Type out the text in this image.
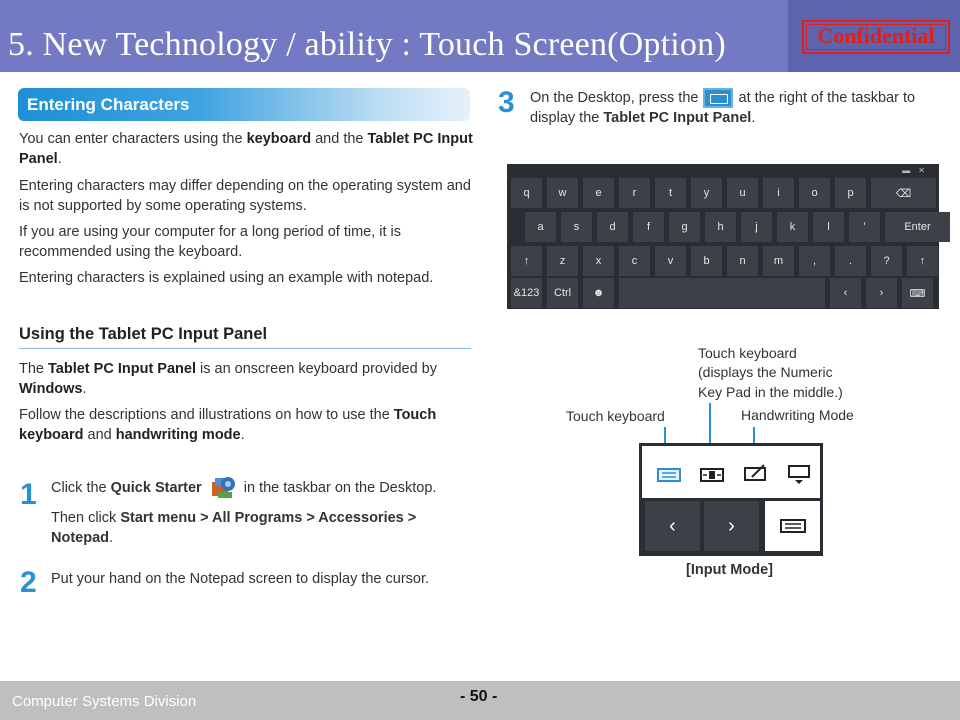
5. New Technology / ability : Touch Screen(Option)	Confidential
Entering Characters
You can enter characters using the keyboard and the Tablet PC Input Panel.
Entering characters may differ depending on the operating system and is not supported by some operating systems.
If you are using your computer for a long period of time, it is recommended using the keyboard.
Entering characters is explained using an example with notepad.
Using the Tablet PC Input Panel
The Tablet PC Input Panel is an onscreen keyboard provided by Windows.
Follow the descriptions and illustrations on how to use the Touch keyboard and handwriting mode.
1 Click the Quick Starter	in the taskbar on the Desktop.
Then click Start menu > All Programs > Accessories > Notepad.
2 Put your hand on the Notepad screen to display the cursor.
3 On the Desktop, press the  at the right of the taskbar to display the Tablet PC Input Panel.
▬✕
q	w	e	r	t	y	u	i	o	p	⌫
a	s	d	f	g	h	j	k	l	'	Enter
↑	z	x	c	v	b	n	m	,	.	?	↑
&123	Ctrl	☻	‹	›	⌨
Touch keyboard
(displays the Numeric
Key Pad in the middle.)
Touch keyboard	Handwriting Mode
‹	›
[Input Mode]
Computer Systems Division	- 50 -
